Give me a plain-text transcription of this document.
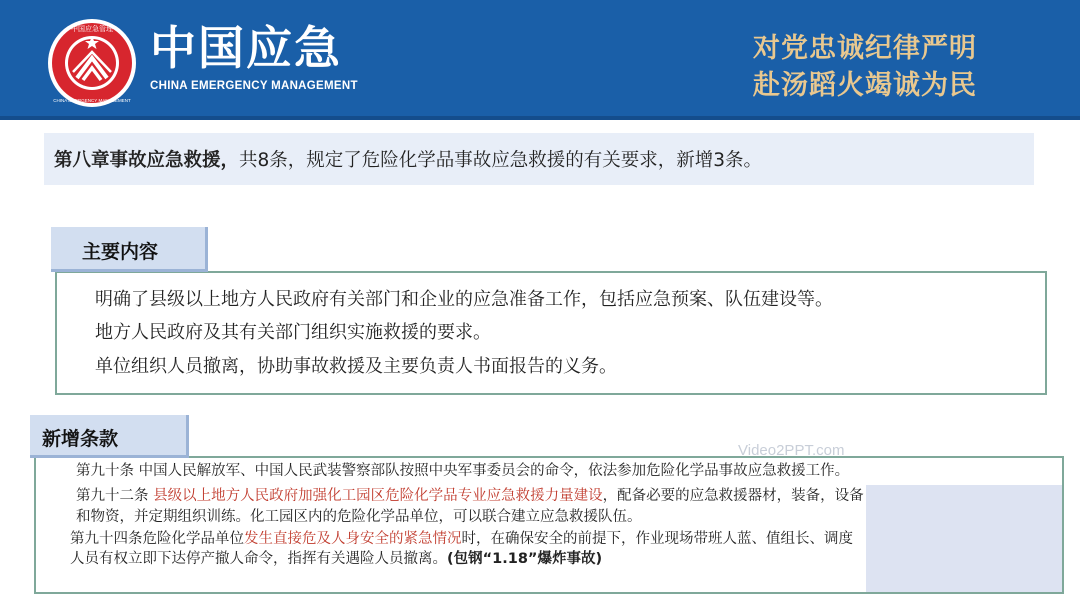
中国应急管理
CHINA EMERGENCY MANAGEMENT
中国应急
CHINA EMERGENCY MANAGEMENT
对党忠诚纪律严明
赴汤蹈火竭诚为民
第八章事故应急救援，共8条，规定了危险化学品事故应急救援的有关要求，新增3条。
主要内容
明确了县级以上地方人民政府有关部门和企业的应急准备工作，包括应急预案、队伍建设等。
地方人民政府及其有关部门组织实施救援的要求。
单位组织人员撤离，协助事故救援及主要负责人书面报告的义务。
Video2PPT.com
新增条款
第九十条 中国人民解放军、中国人民武装警察部队按照中央军事委员会的命令，依法参加危险化学品事故应急救援工作。
第九十二条 县级以上地方人民政府加强化工园区危险化学品专业应急救援力量建设，配备必要的应急救援器材，装备，设备
和物资，并定期组织训练。化工园区内的危险化学品单位，可以联合建立应急救援队伍。
第九十四条危险化学品单位发生直接危及人身安全的紧急情况时，在确保安全的前提下，作业现场带班人蓝、值组长、调度
人员有权立即下达停产撤人命令，指挥有关遇险人员撤离。(包钢“1.18”爆炸事故)
